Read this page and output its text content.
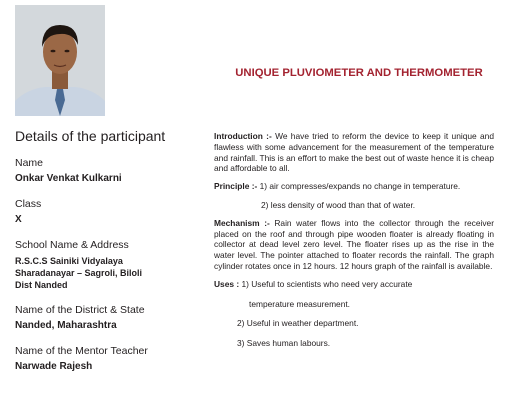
Details of the participant
Name
Onkar Venkat Kulkarni
Class
X
School Name & Address
R.S.C.S Sainiki Vidyalaya
Sharadanayar – Sagroli, Biloli
Dist Nanded
Name of the District & State
Nanded, Maharashtra
Name of the Mentor Teacher
Narwade Rajesh
UNIQUE PLUVIOMETER AND THERMOMETER

Introduction :- We have tried to reform the device to keep it unique and flawless with some advancement for the measurement of the temperature and rainfall. This is an effort to make the best out of waste hence it is cheap and affordable to all.

Principle :- 1) air compresses/expands no change in temperature.

2) less density of wood than that of water.

Mechanism :- Rain water flows into the collector through the receiver placed on the roof and through pipe wooden floater is already floating in collector at dead level zero level. The floater rises up as the rise in the water level. The pointer attached to floater records the rainfall. The graph cylinder rotates once in 12 hours. 12 hours graph of the rainfall is available.

Uses : 1) Useful to scientists who need very accurate

temperature measurement.

2) Useful in weather department.

3) Saves human labours.
